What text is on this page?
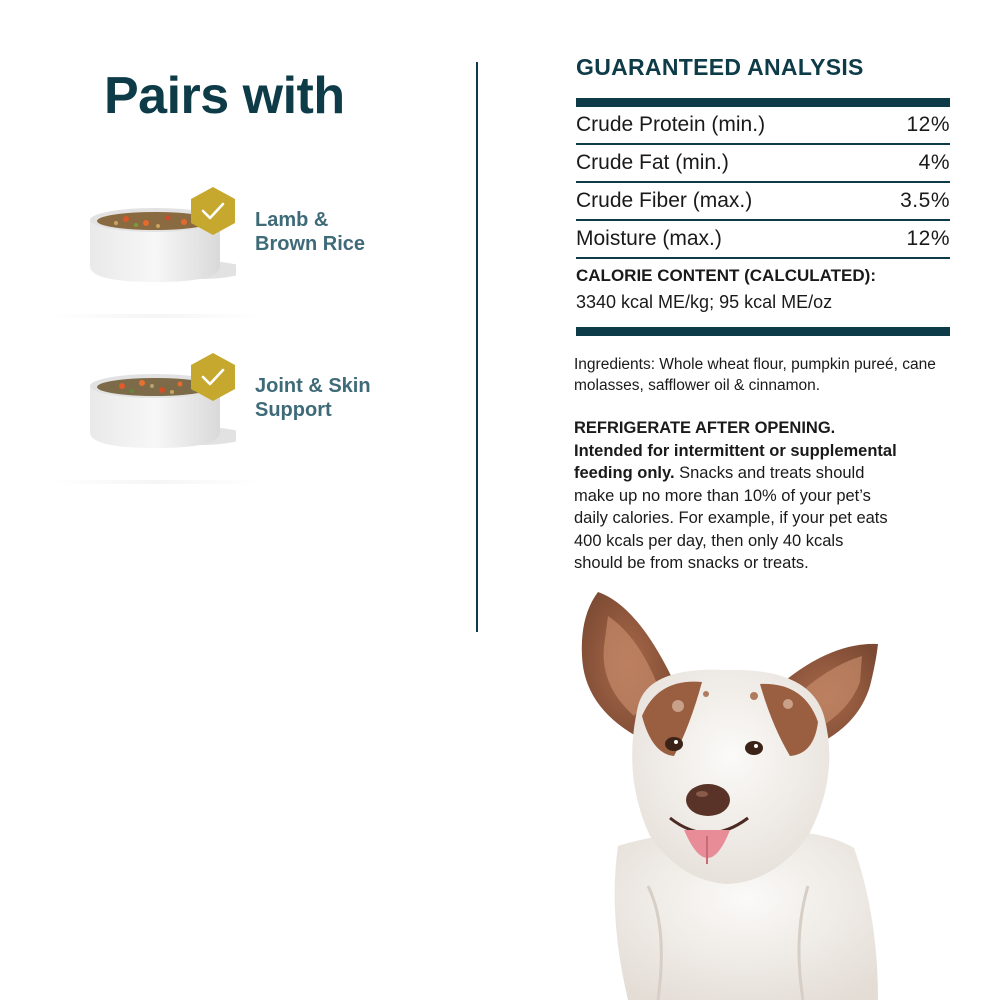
Pairs with
Lamb &
Brown Rice
Joint & Skin
Support
GUARANTEED ANALYSIS
Crude Protein (min.)	12%
Crude Fat (min.)	4%
Crude Fiber (max.)	3.5%
Moisture (max.)	12%
CALORIE CONTENT (CALCULATED):
3340 kcal ME/kg; 95 kcal ME/oz

Ingredients: Whole wheat flour, pumpkin pureé, cane molasses, safflower oil & cinnamon.

REFRIGERATE AFTER OPENING.
Intended for intermittent or supplemental
feeding only. Snacks and treats should
make up no more than 10% of your pet’s
daily calories. For example, if your pet eats
400 kcals per day, then only 40 kcals
should be from snacks or treats.
